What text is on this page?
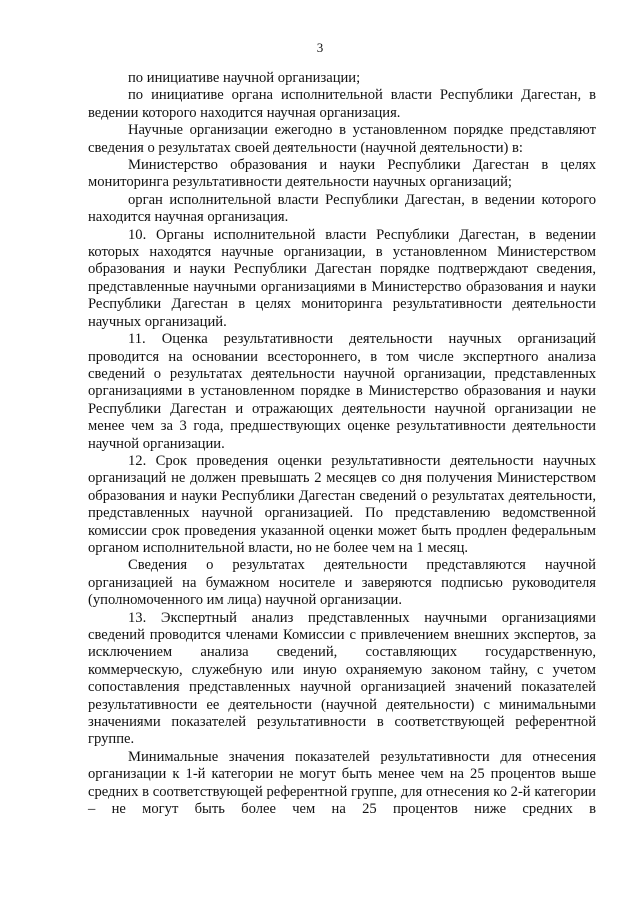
3

по инициативе научной организации;

по инициативе органа исполнительной власти Республики Дагестан, в ведении которого находится научная организация.

Научные организации ежегодно в установленном порядке представляют сведения о результатах своей деятельности (научной деятельности) в:

Министерство образования и науки Республики Дагестан в целях мониторинга результативности деятельности научных организаций;

орган исполнительной власти Республики Дагестан, в ведении которого находится научная организация.

10. Органы исполнительной власти Республики Дагестан, в ведении которых находятся научные организации, в установленном Министерством образования и науки Республики Дагестан порядке подтверждают сведения, представленные научными организациями в Министерство образования и науки Республики Дагестан в целях мониторинга результативности деятельности научных организаций.

11. Оценка результативности деятельности научных организаций проводится на основании всестороннего, в том числе экспертного анализа сведений о результатах деятельности научной организации, представленных организациями в установленном порядке в Министерство образования и науки Республики Дагестан и отражающих деятельности научной организации не менее чем за 3 года, предшествующих оценке результативности деятельности научной организации.

12. Срок проведения оценки результативности деятельности научных организаций не должен превышать 2 месяцев со дня получения Министерством образования и науки Республики Дагестан сведений о результатах деятельности, представленных научной организацией. По представлению ведомственной комиссии срок проведения указанной оценки может быть продлен федеральным органом исполнительной власти, но не более чем на 1 месяц.

Сведения о результатах деятельности представляются научной организацией на бумажном носителе и заверяются подписью руководителя (уполномоченного им лица) научной организации.

13. Экспертный анализ представленных научными организациями сведений проводится членами Комиссии с привлечением внешних экспертов, за исключением анализа сведений, составляющих государственную, коммерческую, служебную или иную охраняемую законом тайну, с учетом сопоставления представленных научной организацией значений показателей результативности ее деятельности (научной деятельности) с минимальными значениями показателей результативности в соответствующей референтной группе.

Минимальные значения показателей результативности для отнесения организации к 1-й категории не могут быть менее чем на 25 процентов выше средних в соответствующей референтной группе, для отнесения ко 2-й категории – не могут быть более чем на 25 процентов ниже средних в
